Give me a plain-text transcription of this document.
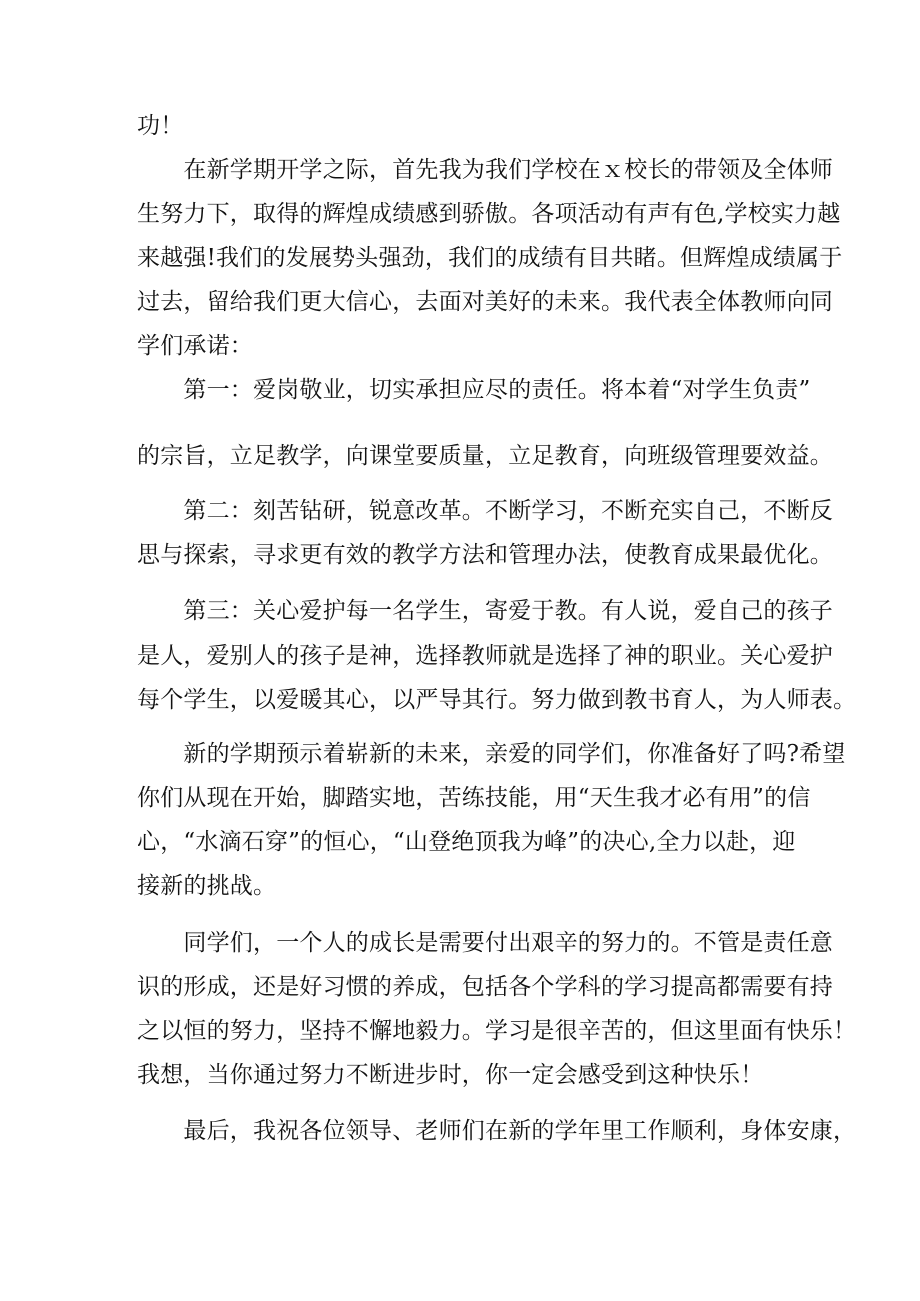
功！
　　在新学期开学之际，首先我为我们学校在ｘ校长的带领及全体师
生努力下，取得的辉煌成绩感到骄傲。各项活动有声有色,学校实力越
来越强!我们的发展势头强劲，我们的成绩有目共睹。但辉煌成绩属于
过去，留给我们更大信心，去面对美好的未来。我代表全体教师向同
学们承诺：
　　第一：爱岗敬业，切实承担应尽的责任。将本着“对学生负责”
的宗旨，立足教学，向课堂要质量，立足教育，向班级管理要效益。
　　第二：刻苦钻研，锐意改革。不断学习，不断充实自己，不断反
思与探索，寻求更有效的教学方法和管理办法，使教育成果最优化。
　　第三：关心爱护每一名学生，寄爱于教。有人说，爱自己的孩子
是人，爱别人的孩子是神，选择教师就是选择了神的职业。关心爱护
每个学生，以爱暖其心，以严导其行。努力做到教书育人，为人师表。
　　新的学期预示着崭新的未来，亲爱的同学们，你准备好了吗?希望
你们从现在开始，脚踏实地，苦练技能，用“天生我才必有用”的信
心，“水滴石穿”的恒心，“山登绝顶我为峰”的决心,全力以赴，迎
接新的挑战。
　　同学们，一个人的成长是需要付出艰辛的努力的。不管是责任意
识的形成，还是好习惯的养成，包括各个学科的学习提高都需要有持
之以恒的努力，坚持不懈地毅力。学习是很辛苦的，但这里面有快乐！
我想，当你通过努力不断进步时，你一定会感受到这种快乐！
　　最后，我祝各位领导、老师们在新的学年里工作顺利，身体安康，
